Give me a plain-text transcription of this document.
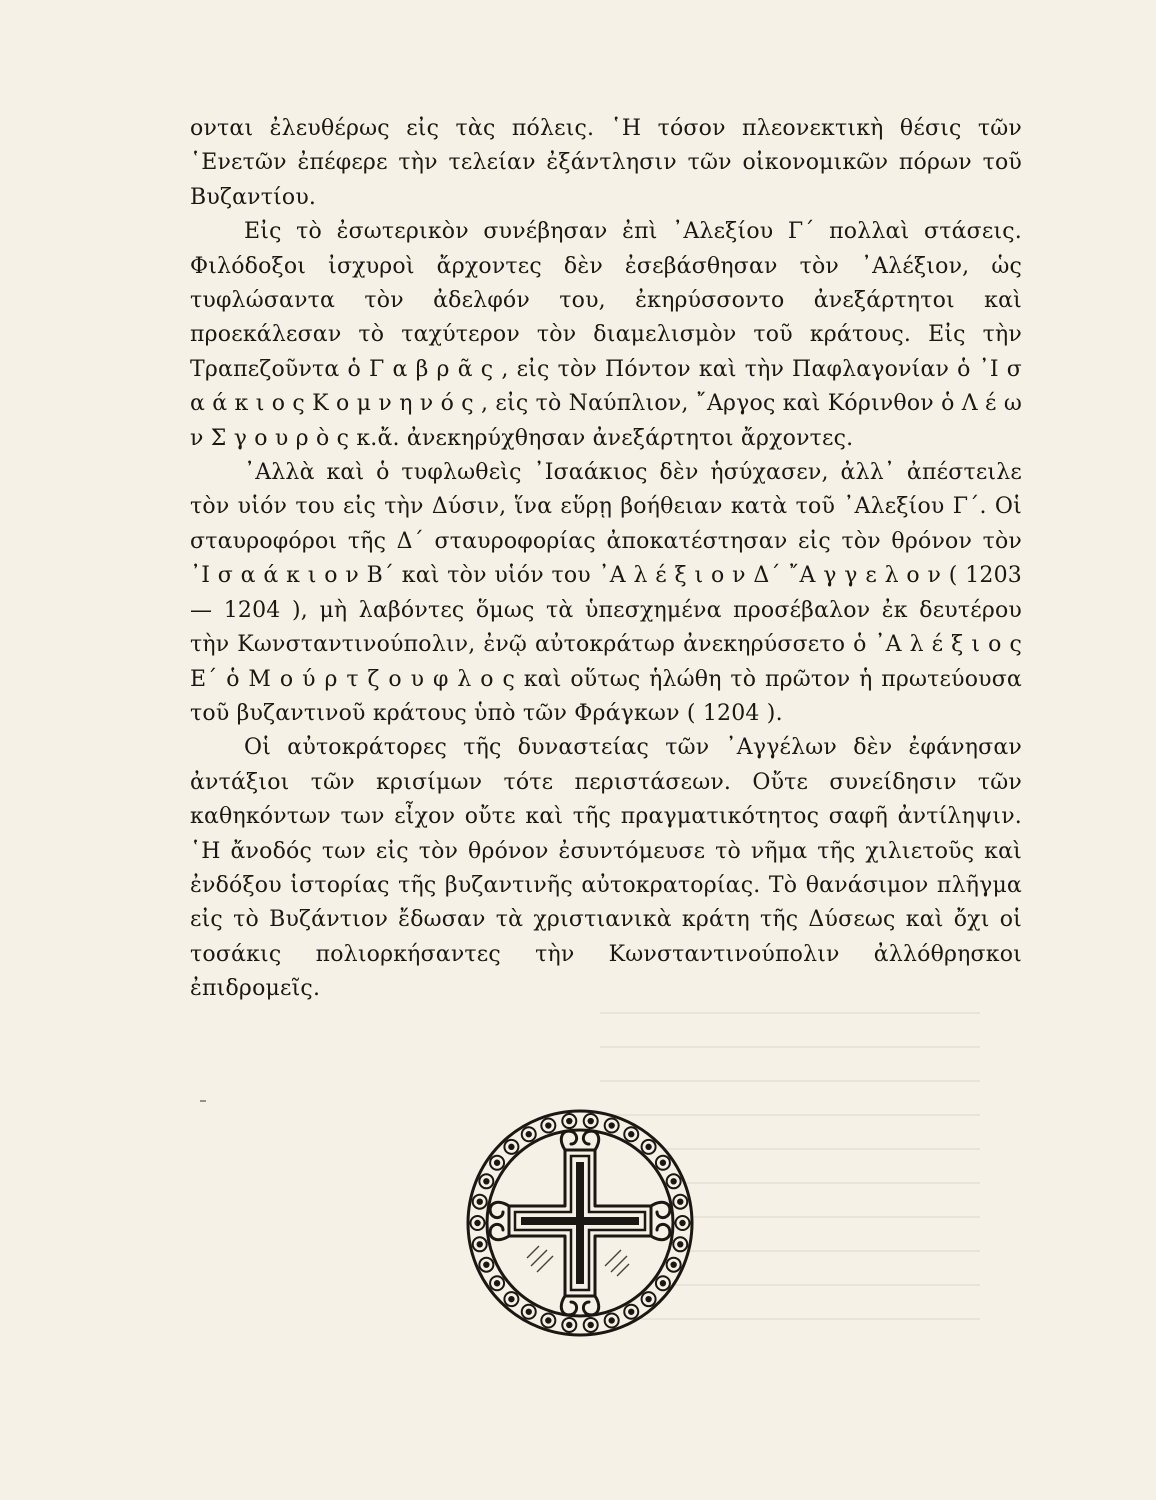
ονται ἐλευθέρως εἰς τὰς πόλεις. ῾Η τόσον πλεονεκτικὴ θέσις τῶν ῾Ενετῶν ἐπέφερε τὴν τελείαν ἐξάντλησιν τῶν οἰκονομικῶν πόρων τοῦ Βυζαντίου.

Εἰς τὸ ἐσωτερικὸν συνέβησαν ἐπὶ ᾿Αλεξίου Γ΄ πολλαὶ στάσεις. Φιλόδοξοι ἰσχυροὶ ἄρχοντες δὲν ἐσεβάσθησαν τὸν ᾿Αλέξιον, ὡς τυφλώσαντα τὸν ἀδελφόν του, ἐκηρύσσοντο ἀνεξάρτητοι καὶ προεκάλεσαν τὸ ταχύτερον τὸν διαμελισμὸν τοῦ κράτους. Εἰς τὴν Τραπεζοῦντα ὁ Γ α β ρ ᾶ ς , εἰς τὸν Πόντον καὶ τὴν Παφλαγονίαν ὁ ᾿Ι σ α ά κ ι ο ς Κ ο μ ν η ν ό ς , εἰς τὸ Ναύπλιον, ῎Αργος καὶ Κόρινθον ὁ Λ έ ω ν Σ γ ο υ ρ ὸ ς κ.ἄ. ἀνεκηρύχθησαν ἀνεξάρτητοι ἄρχοντες.

᾿Αλλὰ καὶ ὁ τυφλωθεὶς ᾿Ισαάκιος δὲν ἡσύχασεν, ἀλλ᾿ ἀπέστειλε τὸν υἱόν του εἰς τὴν Δύσιν, ἵνα εὕρῃ βοήθειαν κατὰ τοῦ ᾿Αλεξίου Γ΄. Οἱ σταυροφόροι τῆς Δ΄ σταυροφορίας ἀποκατέστησαν εἰς τὸν θρόνον τὸν ᾿Ι σ α ά κ ι ο ν Β΄ καὶ τὸν υἱόν του ᾿Α λ έ ξ ι ο ν Δ΄ ῎Α γ γ ε λ ο ν ( 1203 — 1204 ), μὴ λαβόντες ὅμως τὰ ὑπεσχημένα προσέβαλον ἐκ δευτέρου τὴν Κωνσταντινούπολιν, ἐνῷ αὐτοκράτωρ ἀνεκηρύσσετο ὁ ᾿Α λ έ ξ ι ο ς Ε΄ ὁ Μ ο ύ ρ τ ζ ο υ φ λ ο ς καὶ οὕτως ἡλώθη τὸ πρῶτον ἡ πρωτεύουσα τοῦ βυζαντινοῦ κράτους ὑπὸ τῶν Φράγκων ( 1204 ).

Οἱ αὐτοκράτορες τῆς δυναστείας τῶν ᾿Αγγέλων δὲν ἐφάνησαν ἀντάξιοι τῶν κρισίμων τότε περιστάσεων. Οὔτε συνείδησιν τῶν καθηκόντων των εἶχον οὔτε καὶ τῆς πραγματικότητος σαφῆ ἀντίληψιν. ῾Η ἄνοδός των εἰς τὸν θρόνον ἐσυντόμευσε τὸ νῆμα τῆς χιλιετοῦς καὶ ἐνδόξου ἱστορίας τῆς βυζαντινῆς αὐτοκρατορίας. Τὸ θανάσιμον πλῆγμα εἰς τὸ Βυζάντιον ἔδωσαν τὰ χριστιανικὰ κράτη τῆς Δύσεως καὶ ὄχι οἱ τοσάκις πολιορκήσαντες τὴν Κωνσταντινούπολιν ἀλλόθρησκοι ἐπιδρομεῖς.
